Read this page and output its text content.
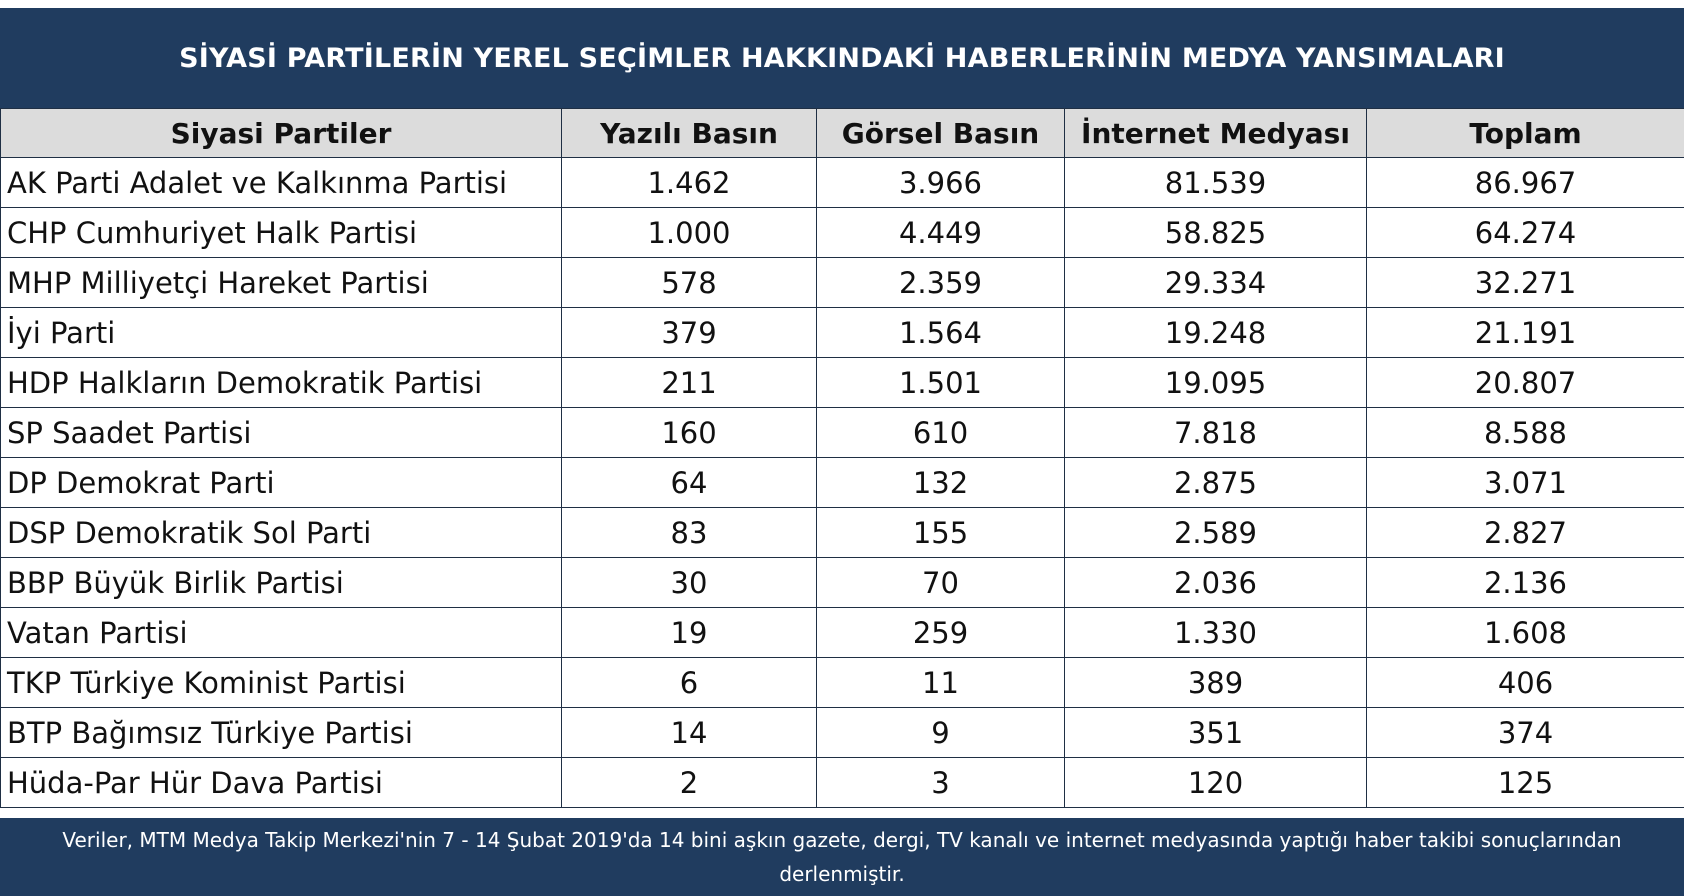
SİYASİ PARTİLERİN YEREL SEÇİMLER HAKKINDAKİ HABERLERİNİN MEDYA YANSIMALARI
Siyasi Partiler	Yazılı Basın	Görsel Basın	İnternet Medyası	Toplam
AK Parti Adalet ve Kalkınma Partisi	1.462	3.966	81.539	86.967
CHP Cumhuriyet Halk Partisi	1.000	4.449	58.825	64.274
MHP Milliyetçi Hareket Partisi	578	2.359	29.334	32.271
İyi Parti	379	1.564	19.248	21.191
HDP Halkların Demokratik Partisi	211	1.501	19.095	20.807
SP Saadet Partisi	160	610	7.818	8.588
DP Demokrat Parti	64	132	2.875	3.071
DSP Demokratik Sol Parti	83	155	2.589	2.827
BBP Büyük Birlik Partisi	30	70	2.036	2.136
Vatan Partisi	19	259	1.330	1.608
TKP Türkiye Kominist Partisi	6	11	389	406
BTP Bağımsız Türkiye Partisi	14	9	351	374
Hüda-Par Hür Dava Partisi	2	3	120	125
Veriler, MTM Medya Takip Merkezi'nin 7 - 14 Şubat 2019'da 14 bini aşkın gazete, dergi, TV kanalı ve internet medyasında yaptığı haber takibi sonuçlarından derlenmiştir.
